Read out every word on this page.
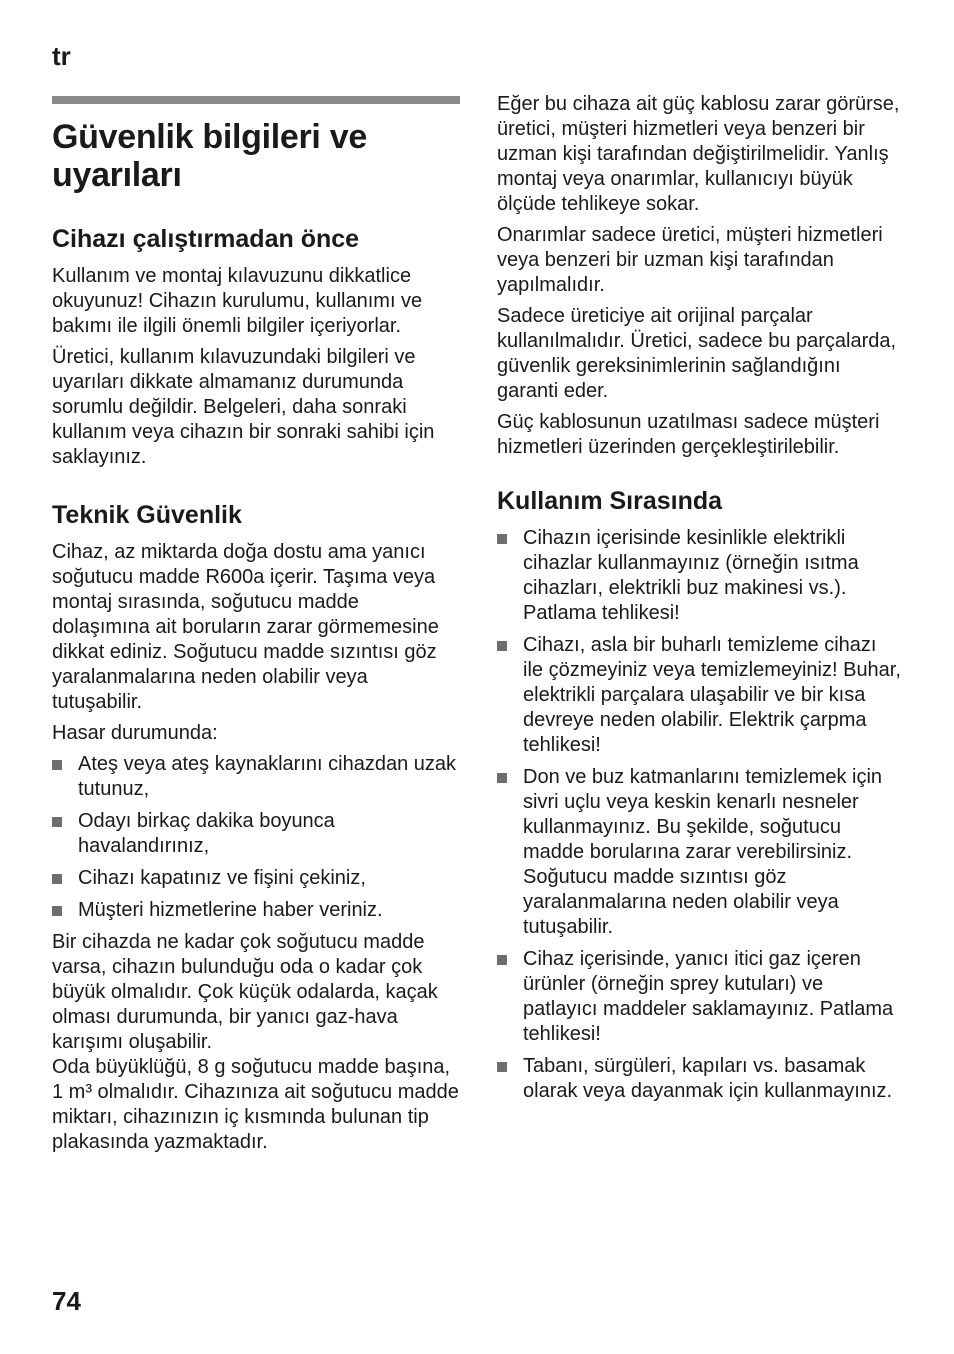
tr
Güvenlik bilgileri ve uyarıları
Cihazı çalıştırmadan önce

Kullanım ve montaj kılavuzunu dikkatlice okuyunuz! Cihazın kurulumu, kullanımı ve bakımı ile ilgili önemli bilgiler içeriyorlar.

Üretici, kullanım kılavuzundaki bilgileri ve uyarıları dikkate almamanız durumunda sorumlu değildir. Belgeleri, daha sonraki kullanım veya cihazın bir sonraki sahibi için saklayınız.

Teknik Güvenlik

Cihaz, az miktarda doğa dostu ama yanıcı soğutucu madde R600a içerir. Taşıma veya montaj sırasında, soğutucu madde dolaşımına ait boruların zarar görmemesine dikkat ediniz. Soğutucu madde sızıntısı göz yaralanmalarına neden olabilir veya tutuşabilir.

Hasar durumunda:

Ateş veya ateş kaynaklarını cihazdan uzak tutunuz,
Odayı birkaç dakika boyunca havalandırınız,
Cihazı kapatınız ve fişini çekiniz,
Müşteri hizmetlerine haber veriniz.

Bir cihazda ne kadar çok soğutucu madde varsa, cihazın bulunduğu oda o kadar çok büyük olmalıdır. Çok küçük odalarda, kaçak olması durumunda, bir yanıcı gaz-hava karışımı oluşabilir.

Oda büyüklüğü, 8 g soğutucu madde başına, 1 m³ olmalıdır. Cihazınıza ait soğutucu madde miktarı, cihazınızın iç kısmında bulunan tip plakasında yazmaktadır.

Eğer bu cihaza ait güç kablosu zarar görürse, üretici, müşteri hizmetleri veya benzeri bir uzman kişi tarafından değiştirilmelidir. Yanlış montaj veya onarımlar, kullanıcıyı büyük ölçüde tehlikeye sokar.

Onarımlar sadece üretici, müşteri hizmetleri veya benzeri bir uzman kişi tarafından yapılmalıdır.

Sadece üreticiye ait orijinal parçalar kullanılmalıdır. Üretici, sadece bu parçalarda, güvenlik gereksinimlerinin sağlandığını garanti eder.

Güç kablosunun uzatılması sadece müşteri hizmetleri üzerinden gerçekleştirilebilir.

Kullanım Sırasında
Cihazın içerisinde kesinlikle elektrikli cihazlar kullanmayınız (örneğin ısıtma cihazları, elektrikli buz makinesi vs.). Patlama tehlikesi!
Cihazı, asla bir buharlı temizleme cihazı ile çözmeyiniz veya temizlemeyiniz! Buhar, elektrikli parçalara ulaşabilir ve bir kısa devreye neden olabilir. Elektrik çarpma tehlikesi!
Don ve buz katmanlarını temizlemek için sivri uçlu veya keskin kenarlı nesneler kullanmayınız. Bu şekilde, soğutucu madde borularına zarar verebilirsiniz. Soğutucu madde sızıntısı göz yaralanmalarına neden olabilir veya tutuşabilir.
Cihaz içerisinde, yanıcı itici gaz içeren ürünler (örneğin sprey kutuları) ve patlayıcı maddeler saklamayınız. Patlama tehlikesi!
Tabanı, sürgüleri, kapıları vs. basamak olarak veya dayanmak için kullanmayınız.
74
